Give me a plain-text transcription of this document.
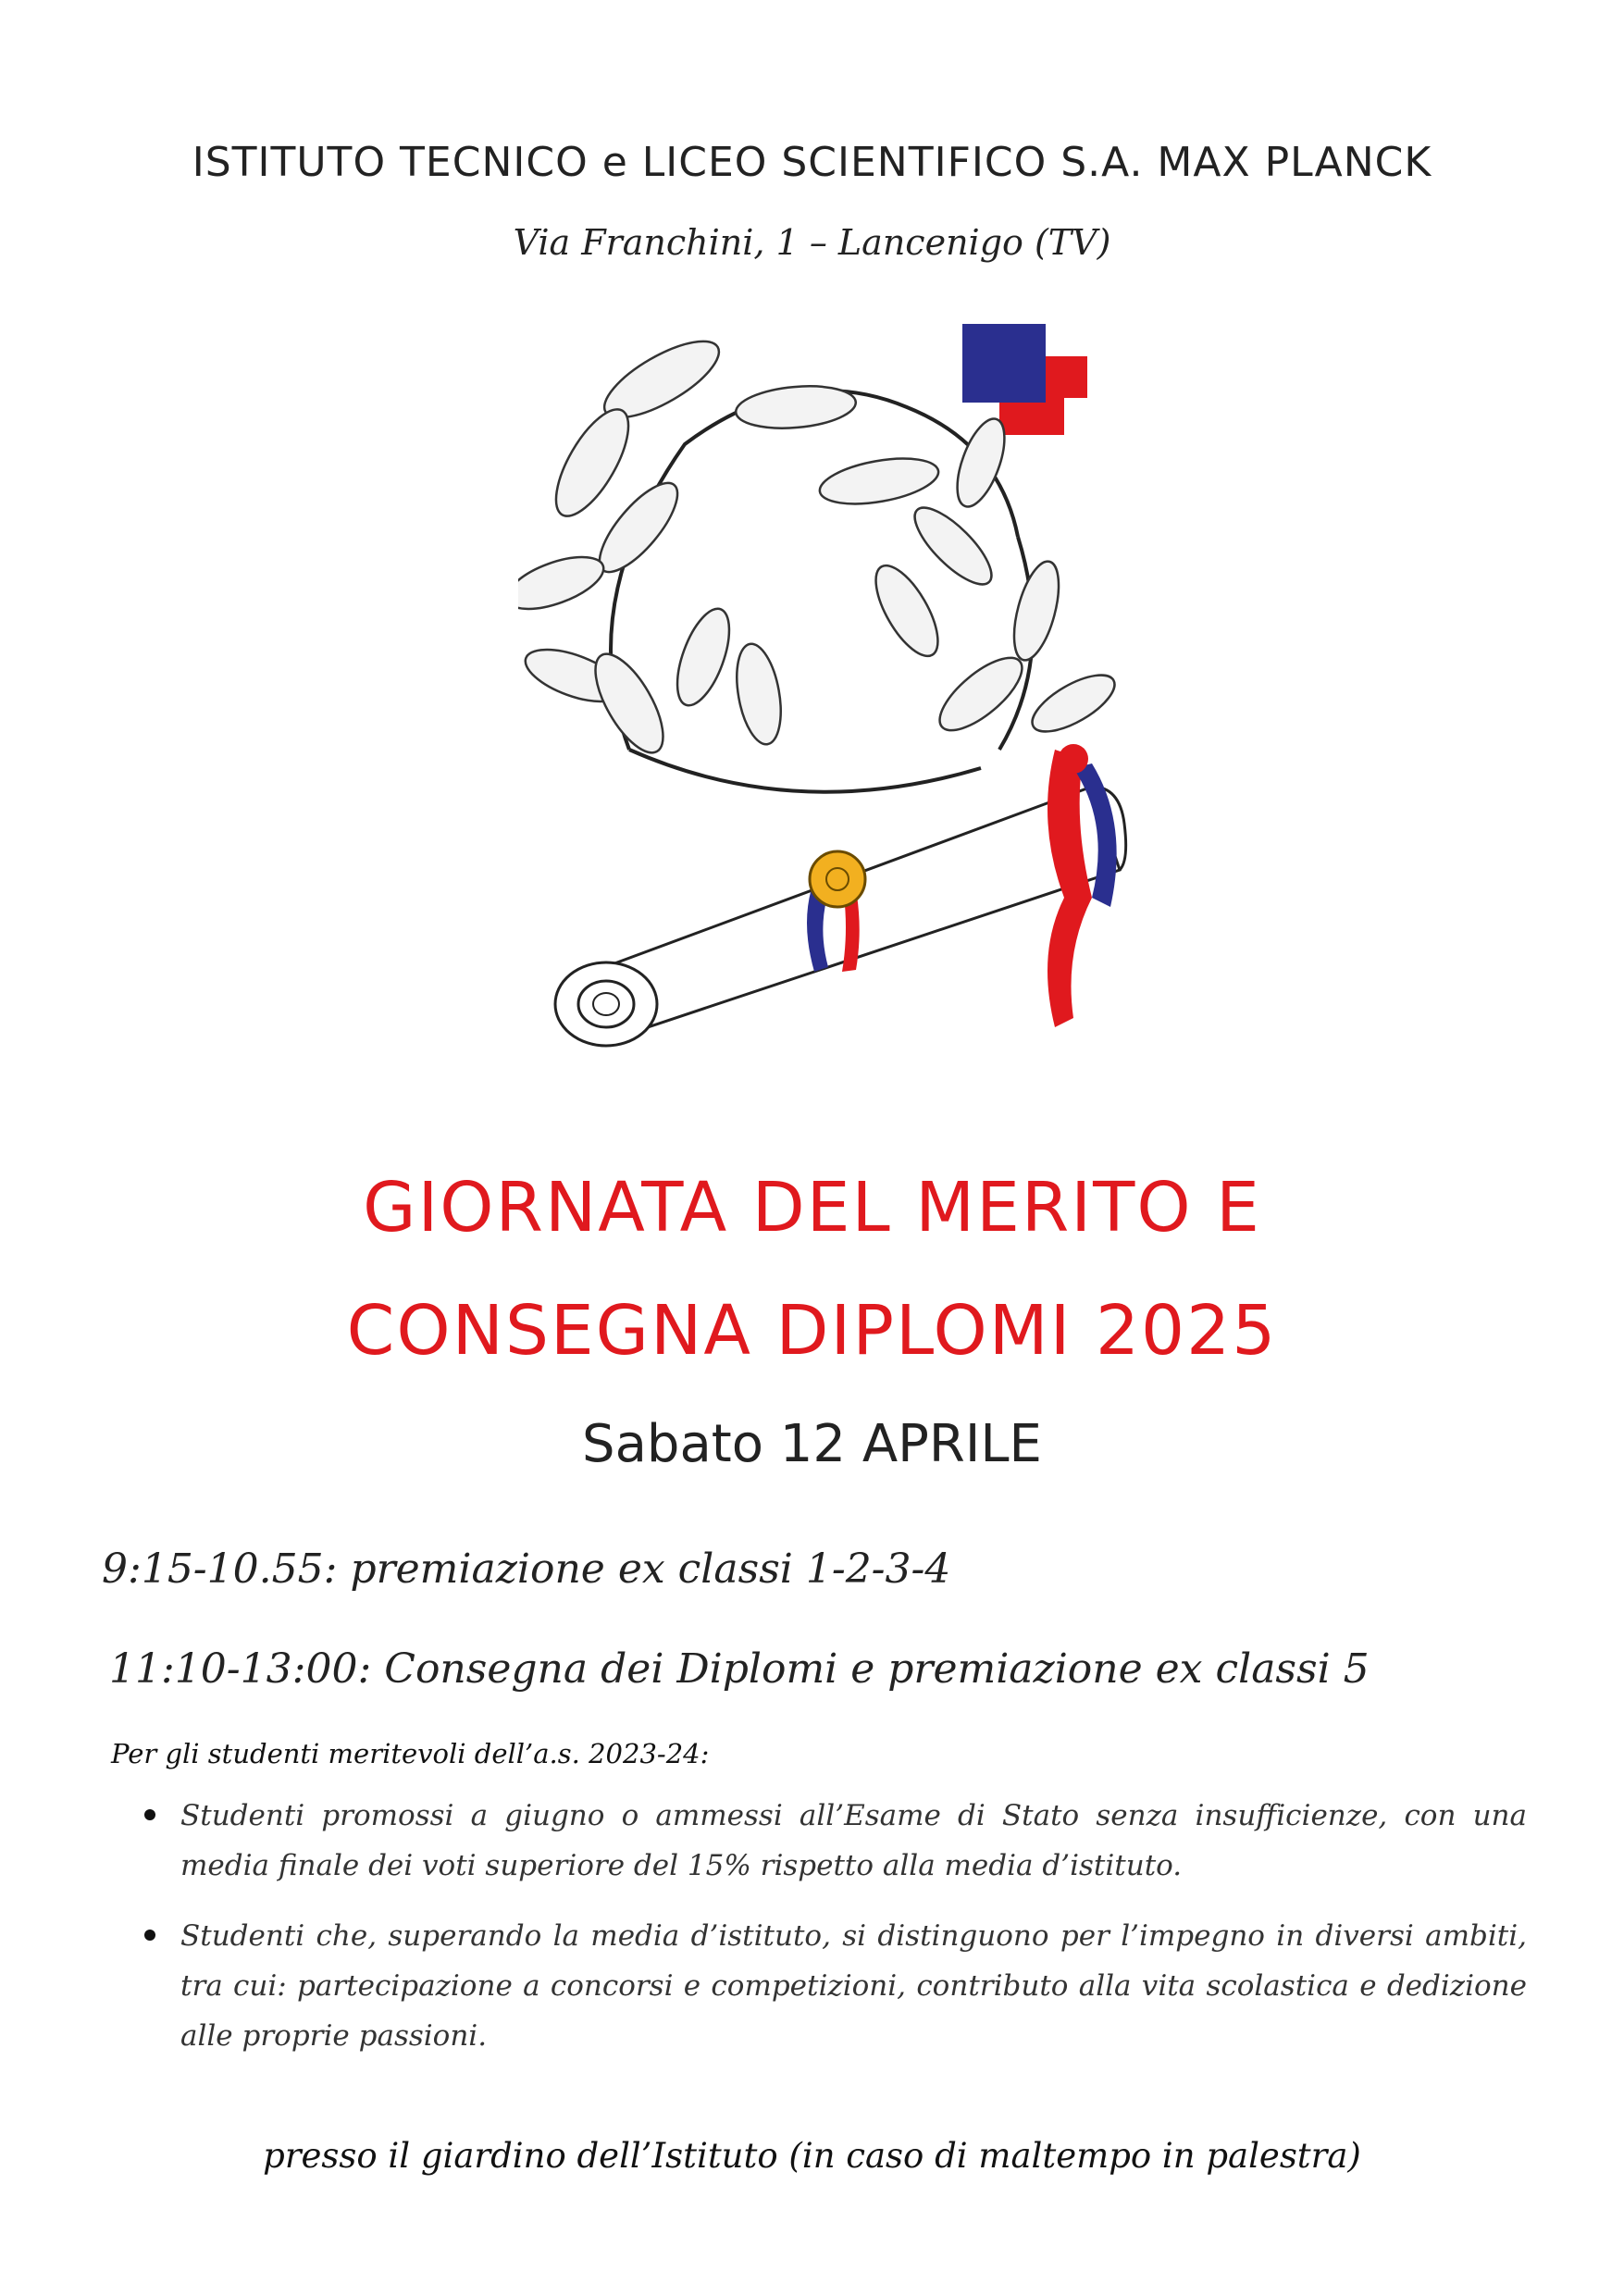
ISTITUTO TECNICO e LICEO SCIENTIFICO S.A. MAX PLANCK
Via Franchini, 1 – Lancenigo (TV)
GIORNATA DEL MERITO E
CONSEGNA DIPLOMI 2025
Sabato 12 APRILE
9:15-10.55: premiazione ex classi 1-2-3-4
11:10-13:00: Consegna dei Diplomi e premiazione ex classi 5
Per gli studenti meritevoli dell’a.s. 2023-24:
Studenti promossi a giugno o ammessi all’Esame di Stato senza insufficienze, con una media finale dei voti superiore del 15% rispetto alla media d’istituto.
Studenti che, superando la media d’istituto, si distinguono per l’impegno in diversi ambiti, tra cui: partecipazione a concorsi e competizioni, contributo alla vita scolastica e dedizione alle proprie passioni.
presso il giardino dell’Istituto (in caso di maltempo in palestra)
